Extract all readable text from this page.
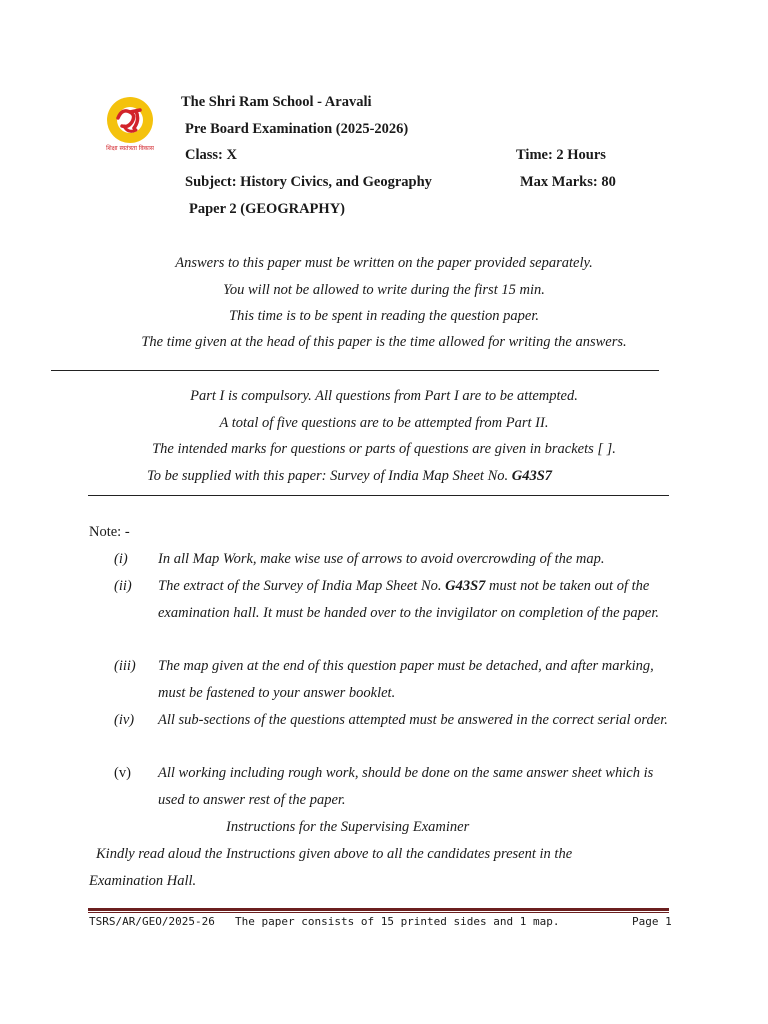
शिक्षा स्वतंत्रता विकास
The Shri Ram School - Aravali
Pre Board Examination (2025-2026)
Class: X	Time: 2 Hours
Subject: History Civics, and Geography	Max Marks: 80
Paper 2 (GEOGRAPHY)
Answers to this paper must be written on the paper provided separately.
You will not be allowed to write during the first 15 min.
This time is to be spent in reading the question paper.
The time given at the head of this paper is the time allowed for writing the answers.
Part I is compulsory. All questions from Part I are to be attempted.
A total of five questions are to be attempted from Part II.
The intended marks for questions or parts of questions are given in brackets [ ].
To be supplied with this paper: Survey of India Map Sheet No. G43S7
Note: -
(i) In all Map Work, make wise use of arrows to avoid overcrowding of the map.
(ii) The extract of the Survey of India Map Sheet No. G43S7 must not be taken out of the examination hall. It must be handed over to the invigilator on completion of the paper.
(iii) The map given at the end of this question paper must be detached, and after marking, must be fastened to your answer booklet.
(iv) All sub-sections of the questions attempted must be answered in the correct serial order.
(v) All working including rough work, should be done on the same answer sheet which is used to answer rest of the paper.
Instructions for the Supervising Examiner
Kindly read aloud the Instructions given above to all the candidates present in the
Examination Hall.
TSRS/AR/GEO/2025-26 The paper consists of 15 printed sides and 1 map.	Page 1
